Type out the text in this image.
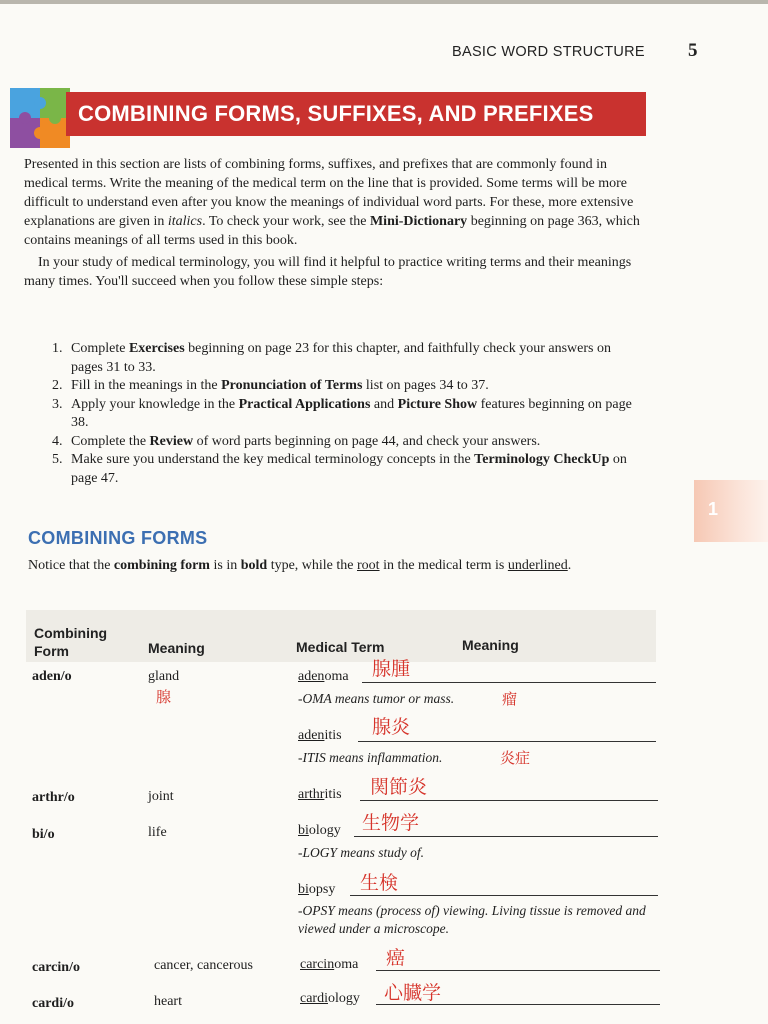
BASIC WORD STRUCTURE 5
COMBINING FORMS, SUFFIXES, AND PREFIXES

Presented in this section are lists of combining forms, suffixes, and prefixes that are commonly found in medical terms. Write the meaning of the medical term on the line that is provided. Some terms will be more difficult to understand even after you know the meanings of individual word parts. For these, more extensive explanations are given in italics. To check your work, see the Mini-Dictionary beginning on page 363, which contains meanings of all terms used in this book.

In your study of medical terminology, you will find it helpful to practice writing terms and their meanings many times. You'll succeed when you follow these simple steps:

1. Complete Exercises beginning on page 23 for this chapter, and faithfully check your answers on pages 31 to 33.
2. Fill in the meanings in the Pronunciation of Terms list on pages 34 to 37.
3. Apply your knowledge in the Practical Applications and Picture Show features beginning on page 38.
4. Complete the Review of word parts beginning on page 44, and check your answers.
5. Make sure you understand the key medical terminology concepts in the Terminology CheckUp on page 47.
1
COMBINING FORMS

Notice that the combining form is in bold type, while the root in the medical term is underlined.

Combining Form	Meaning	Medical Term	Meaning
aden/o	gland
腺
adenoma 腺腫
-OMA means tumor or mass.	瘤
adenitis 腺炎
-ITIS means inflammation.	炎症
arthr/o	joint	arthritis 関節炎
bi/o	life	biology 生物学
-LOGY means study of.
biopsy 生検
-OPSY means (process of) viewing. Living tissue is removed and viewed under a microscope.
carcin/o	cancer, cancerous	carcinoma 癌
cardi/o	heart	cardiology 心臓学
